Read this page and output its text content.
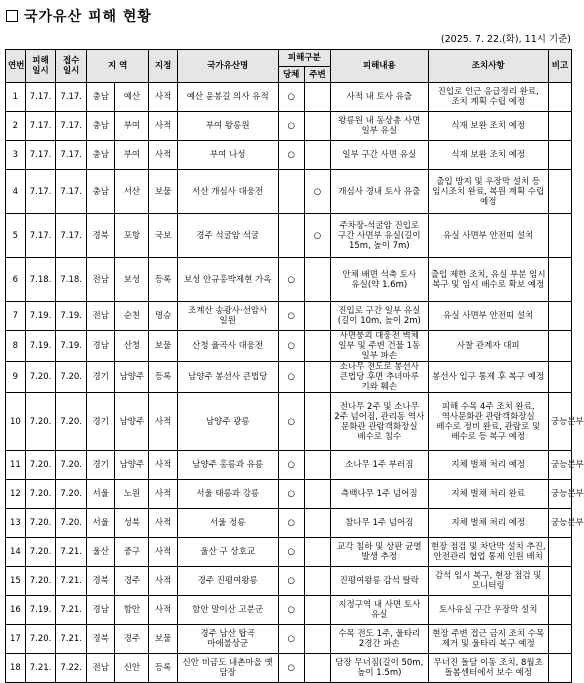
국가유산 피해 현황
(2025. 7. 22.(화), 11시 기준)
연번	피해 일시	접수 일시	지 역		지정	국가유산명	피해구분		피해내용	조치사항	비고
							당체	주변			
1	7.17.	7.17.	충남	예산	사적	예산 윤봉길 의사 유적	○		사적 내 토사 유출	진입로 인근 응급정리 완료, 조치 계획 수립 예정	
2	7.17.	7.17.	충남	부여	사적	부여 왕릉원	○		왕릉원 내 동상총 사면 일부 유실	식재 보완 조치 예정	
3	7.17.	7.17.	충남	부여	사적	부여 나성	○		일부 구간 사면 유실	식재 보완 조치 예정	
4	7.17.	7.17.	충남	서산	보물	서산 개심사 대웅전		○	개심사 경내 토사 유출	출입 방지 및 우장막 설치 등 임시조치 완료, 복원 계획 수립 예정	
5	7.17.	7.17.	경북	포항	국보	경주 석굴암 석굴		○	주차장-석굴암 진입로 구간 사면부 유실(길이 15m, 높이 7m)	유실 사면부 안전띠 설치	
6	7.18.	7.18.	전남	보성	등록	보성 안규홍박제현 가옥	○		안채 배면 석축 토사 유실(약 1.6m)	출입 제한 조치, 유실 부분 임시 복구 및 임시 배수로 확보 예정	
7	7.19.	7.19.	전남	순천	명승	조계산 송광사·선암사 일원	○		진입로 구간 일부 유실(길이 10m, 높이 2m)	유실 사면부 안전띠 설치	
8	7.19.	7.19.	경남	산청	보물	산청 율곡사 대웅전	○		사면붕괴 대웅전 벽체 일부 및 주변 건물 1동 일부 파손	사찰 관계자 대피	
9	7.20.	7.20.	경기	남양주	등록	남양주 봉선사 큰법당	○		소나무 전도로 봉선사 큰법당 후면 추녀마루 기와 훼손	봉선사 입구 통제 후 복구 예정	
10	7.20.	7.20.	경기	남양주	사적	남양주 광릉	○		전나무 2주 및 소나무 2주 넘어짐, 관리동 역사 문화관 관람객화장실 배수로 침수	피해 수목 4주 조치 완료, 역사문화관 관람객화장실 배수로 정비 완료, 관람로 및 배수로 등 복구 예정	궁능본부
11	7.20.	7.20.	경기	남양주	사적	남양주 홍릉과 유릉	○		소나무 1주 부러짐	지체 벌채 처리 예정	궁능본부
12	7.20.	7.20.	서울	노원	사적	서울 태릉과 강릉	○		측백나무 1주 넘어짐	지체 벌채 처리 완료	궁능본부
13	7.20.	7.20.	서울	성북	사적	서울 정릉	○		참나무 1주 넘어짐	지체 벌채 처리 예정	궁능본부
14	7.20.	7.21.	울산	중구	사적	울산 구 상호교	○		교각 침하 및 상판 균열 발생 추정	현장 점검 및 차단막 설치 추진, 안전관리 협업 통제 인원 배치	
15	7.20.	7.21.	경북	경주	사적	경주 진평여왕릉	○		진평여왕릉 감석 탈락	감석 임시 복구, 현장 점검 및 모니터링	
16	7.19.	7.21.	경남	함안	사적	함안 말이산 고분군	○		지정구역 내 사면 토사 유실	토사유실 구간 우장막 설치	
17	7.20.	7.21.	경북	경주	보물	경주 남산 탑곡 마애불상군	○		수목 전도 1주, 울타리 2경간 파손	현장 주변 접근 금지 조치 수목 제거 및 울타리 복구 예정	
18	7.21.	7.22.	전남	신안	등록	신안 비금도 내촌마을 옛 담장	○		담장 무너짐(길이 50m, 높이 1.5m)	무너진 돌담 이동 조치, 8월초 돌봄센터에서 보수 예정	
